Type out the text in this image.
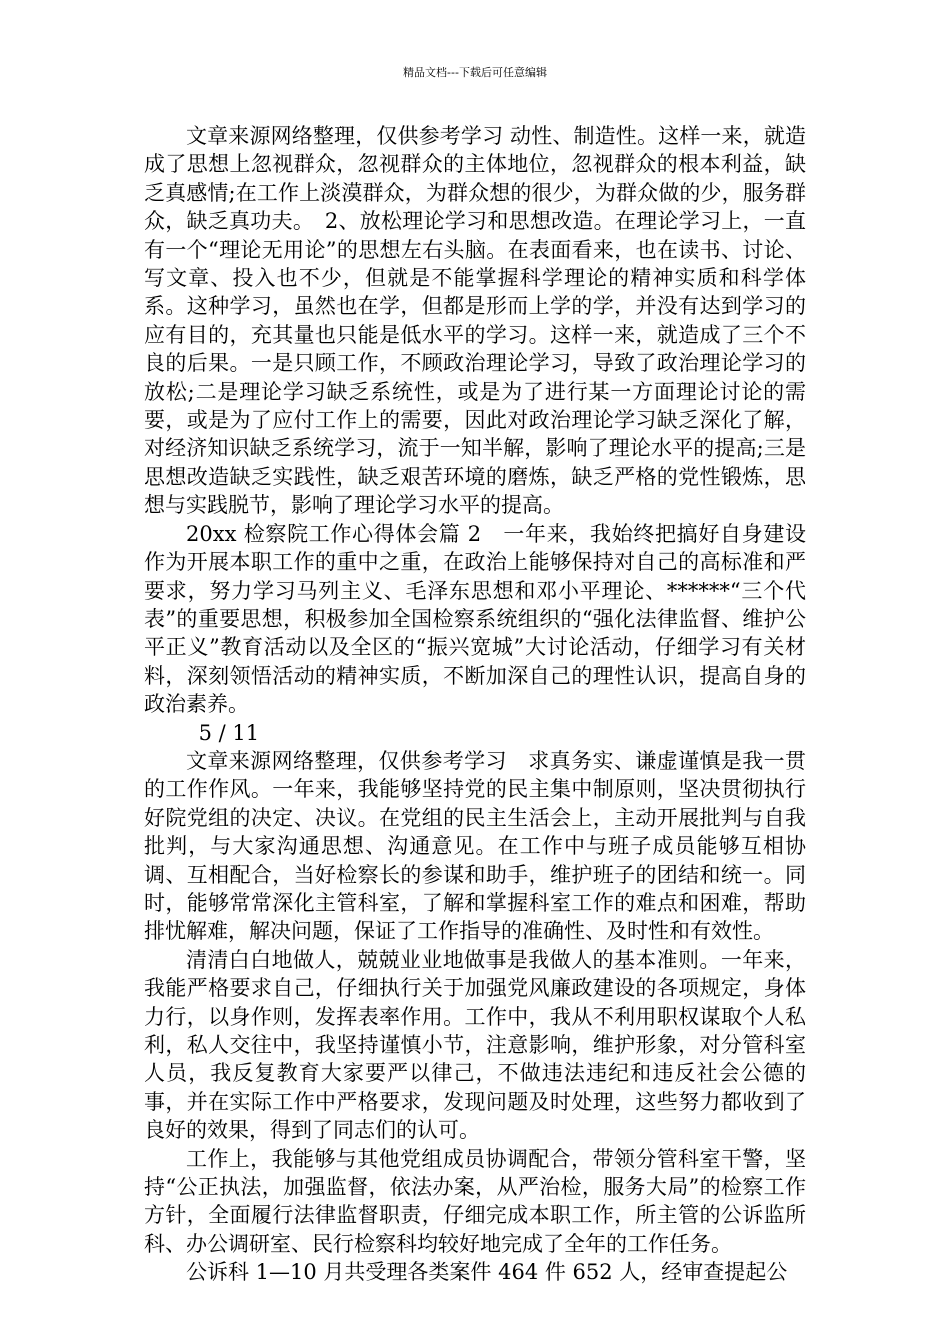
精品文档---下载后可任意编辑

文章来源网络整理，仅供参考学习 动性、制造性。这样一来，就造成了思想上忽视群众，忽视群众的主体地位，忽视群众的根本利益，缺乏真感情;在工作上淡漠群众，为群众想的很少，为群众做的少，服务群众，缺乏真功夫。　2、放松理论学习和思想改造。在理论学习上，一直有一个“理论无用论”的思想左右头脑。在表面看来，也在读书、讨论、写文章、投入也不少，但就是不能掌握科学理论的精神实质和科学体系。这种学习，虽然也在学，但都是形而上学的学，并没有达到学习的应有目的，充其量也只能是低水平的学习。这样一来，就造成了三个不良的后果。一是只顾工作，不顾政治理论学习，导致了政治理论学习的放松;二是理论学习缺乏系统性，或是为了进行某一方面理论讨论的需要，或是为了应付工作上的需要，因此对政治理论学习缺乏深化了解，对经济知识缺乏系统学习，流于一知半解，影响了理论水平的提高;三是思想改造缺乏实践性，缺乏艰苦环境的磨炼，缺乏严格的党性锻炼，思想与实践脱节，影响了理论学习水平的提高。

20xx 检察院工作心得体会篇 2　一年来，我始终把搞好自身建设作为开展本职工作的重中之重，在政治上能够保持对自己的高标准和严要求，努力学习马列主义、毛泽东思想和邓小平理论、******“三个代表”的重要思想，积极参加全国检察系统组织的“强化法律监督、维护公平正义”教育活动以及全区的“振兴宽城”大讨论活动，仔细学习有关材料，深刻领悟活动的精神实质，不断加深自己的理性认识，提高自身的政治素养。

5 / 11

文章来源网络整理，仅供参考学习　求真务实、谦虚谨慎是我一贯的工作作风。一年来，我能够坚持党的民主集中制原则，坚决贯彻执行好院党组的决定、决议。在党组的民主生活会上，主动开展批判与自我批判，与大家沟通思想、沟通意见。在工作中与班子成员能够互相协调、互相配合，当好检察长的参谋和助手，维护班子的团结和统一。同时，能够常常深化主管科室，了解和掌握科室工作的难点和困难，帮助排忧解难，解决问题，保证了工作指导的准确性、及时性和有效性。

清清白白地做人，兢兢业业地做事是我做人的基本准则。一年来，我能严格要求自己，仔细执行关于加强党风廉政建设的各项规定，身体力行，以身作则，发挥表率作用。工作中，我从不利用职权谋取个人私利，私人交往中，我坚持谨慎小节，注意影响，维护形象，对分管科室人员，我反复教育大家要严以律己，不做违法违纪和违反社会公德的事，并在实际工作中严格要求，发现问题及时处理，这些努力都收到了良好的效果，得到了同志们的认可。

工作上，我能够与其他党组成员协调配合，带领分管科室干警，坚持“公正执法，加强监督，依法办案，从严治检，服务大局”的检察工作方针，全面履行法律监督职责，仔细完成本职工作，所主管的公诉监所科、办公调研室、民行检察科均较好地完成了全年的工作任务。

公诉科 1—10 月共受理各类案件 464 件 652 人，经审查提起公
